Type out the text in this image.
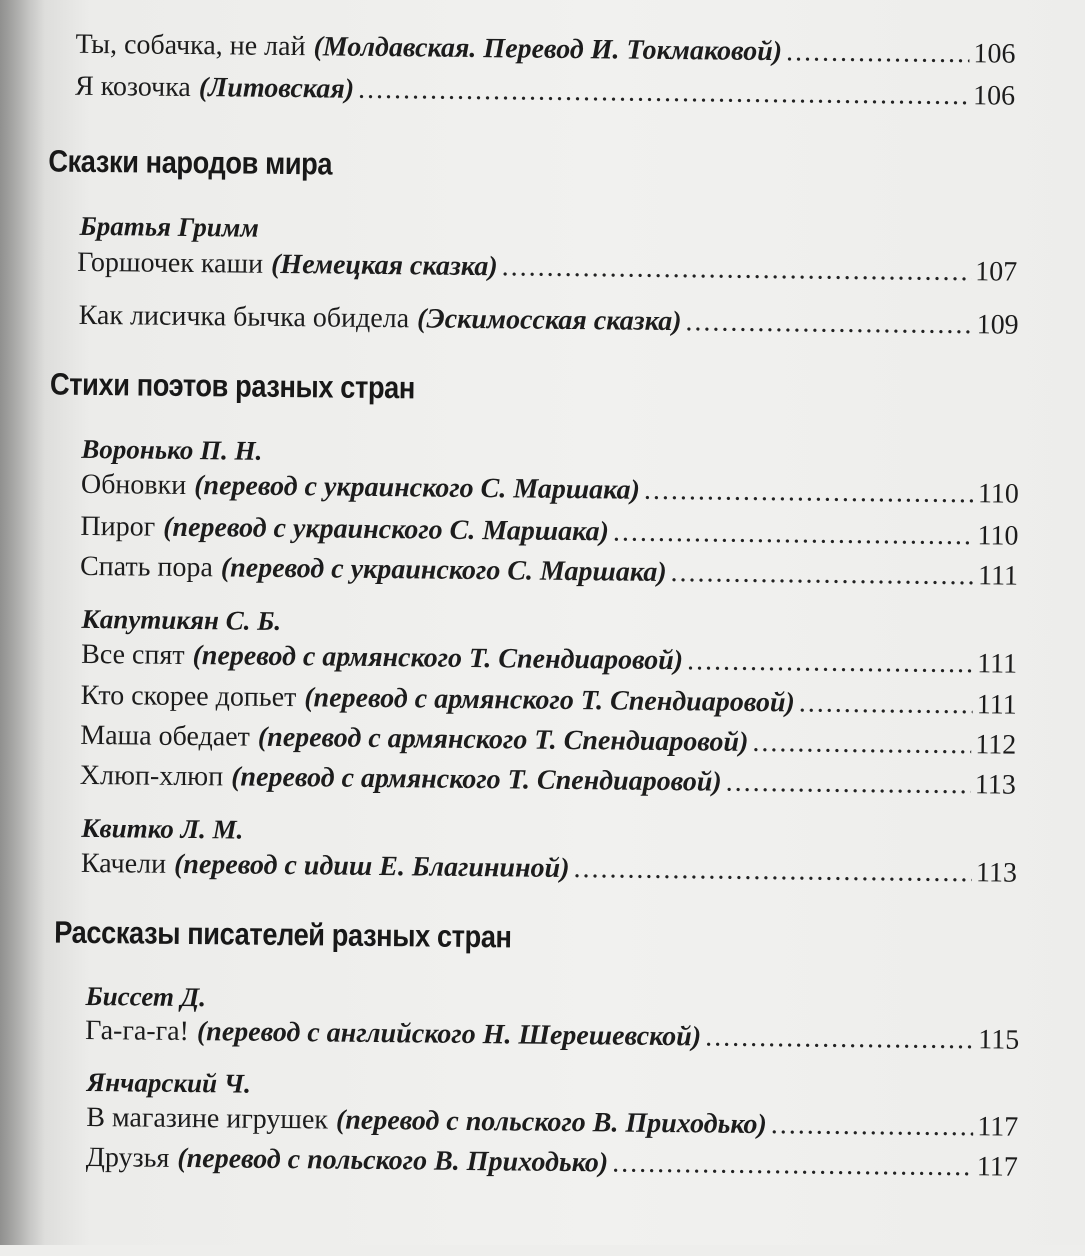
Ты, собачка, не лай (Молдавская. Перевод И. Токмаковой) .....	106
Я козочка (Литовская) .....	106
Сказки народов мира
Братья Гримм
Горшочек каши (Немецкая сказка) .....	107
Как лисичка бычка обидела (Эскимосская сказка) .....	109
Стихи поэтов разных стран
Воронько П. Н.
Обновки (перевод с украинского С. Маршака) .....	110
Пирог (перевод с украинского С. Маршака) .....	110
Спать пора (перевод с украинского С. Маршака) .....	111
Капутикян С. Б.
Все спят (перевод с армянского Т. Спендиаровой) .....	111
Кто скорее допьет (перевод с армянского Т. Спендиаровой) .....	111
Маша обедает (перевод с армянского Т. Спендиаровой) .....	112
Хлюп-хлюп (перевод с армянского Т. Спендиаровой) .....	113
Квитко Л. М.
Качели (перевод с идиш Е. Благининой) .....	113
Рассказы писателей разных стран
Биссет Д.
Га-га-га! (перевод с английского Н. Шерешевской) .....	115
Янчарский Ч.
В магазине игрушек (перевод с польского В. Приходько) .....	117
Друзья (перевод с польского В. Приходько) .....	117
